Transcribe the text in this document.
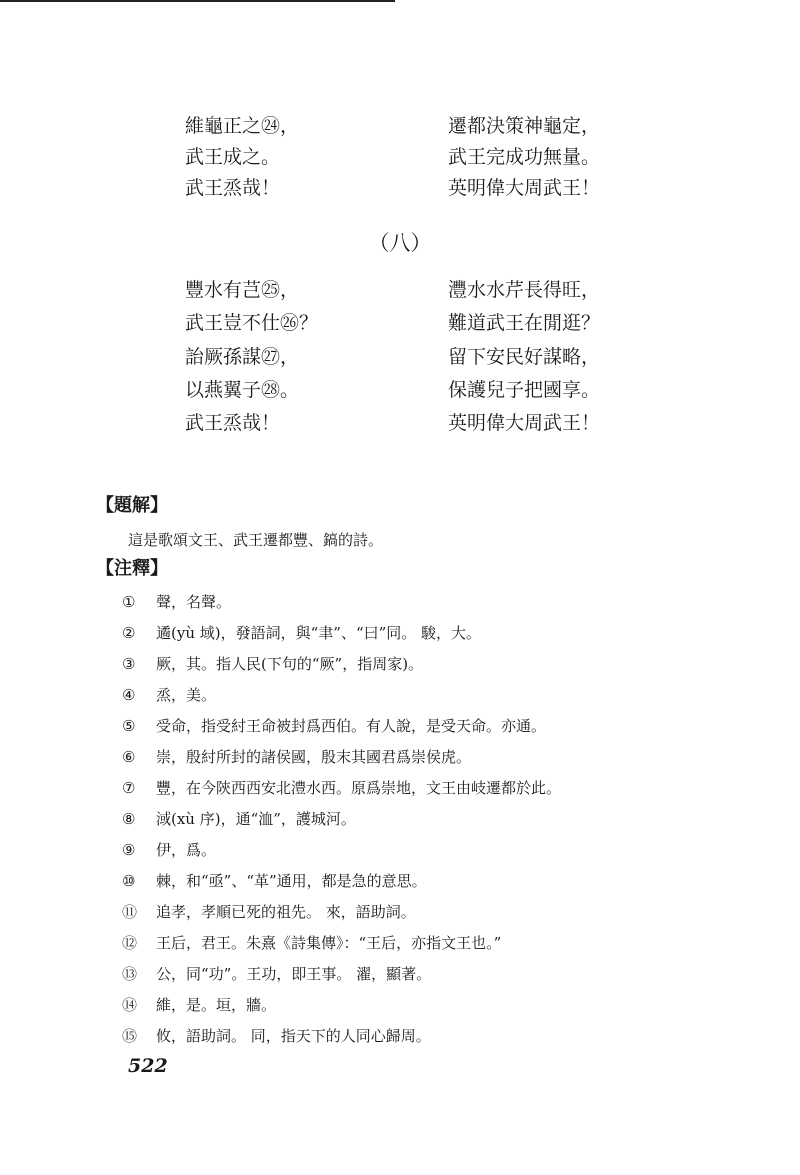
維龜正之㉔，	遷都決策神龜定，
武王成之。	武王完成功無量。
武王烝哉！	英明偉大周武王！
（八）
豐水有芑㉕，	灃水水芹長得旺，
武王豈不仕㉖？	難道武王在閒逛？
詒厥孫謀㉗，	留下安民好謀略，
以燕翼子㉘。	保護兒子把國享。
武王烝哉！	英明偉大周武王！
【題解】
這是歌頌文王、武王遷都豐、鎬的詩。
【注釋】
① 聲，名聲。
② 遹(yù 域)，發語詞，與“聿”、“曰”同。 駿，大。
③ 厥，其。指人民(下句的“厥”，指周家)。
④ 烝，美。
⑤ 受命，指受紂王命被封爲西伯。有人說，是受天命。亦通。
⑥ 崇，殷紂所封的諸侯國，殷末其國君爲崇侯虎。
⑦ 豐，在今陝西西安北澧水西。原爲崇地，文王由岐遷都於此。
⑧ 淢(xù 序)，通“洫”，護城河。
⑨ 伊，爲。
⑩ 棘，和“亟”、“革”通用，都是急的意思。
⑪ 追孝，孝順已死的祖先。 來，語助詞。
⑫ 王后，君王。朱熹《詩集傳》：“王后，亦指文王也。”
⑬ 公，同“功”。王功，即王事。 濯，顯著。
⑭ 維，是。垣，牆。
⑮ 攸，語助詞。 同，指天下的人同心歸周。
522
